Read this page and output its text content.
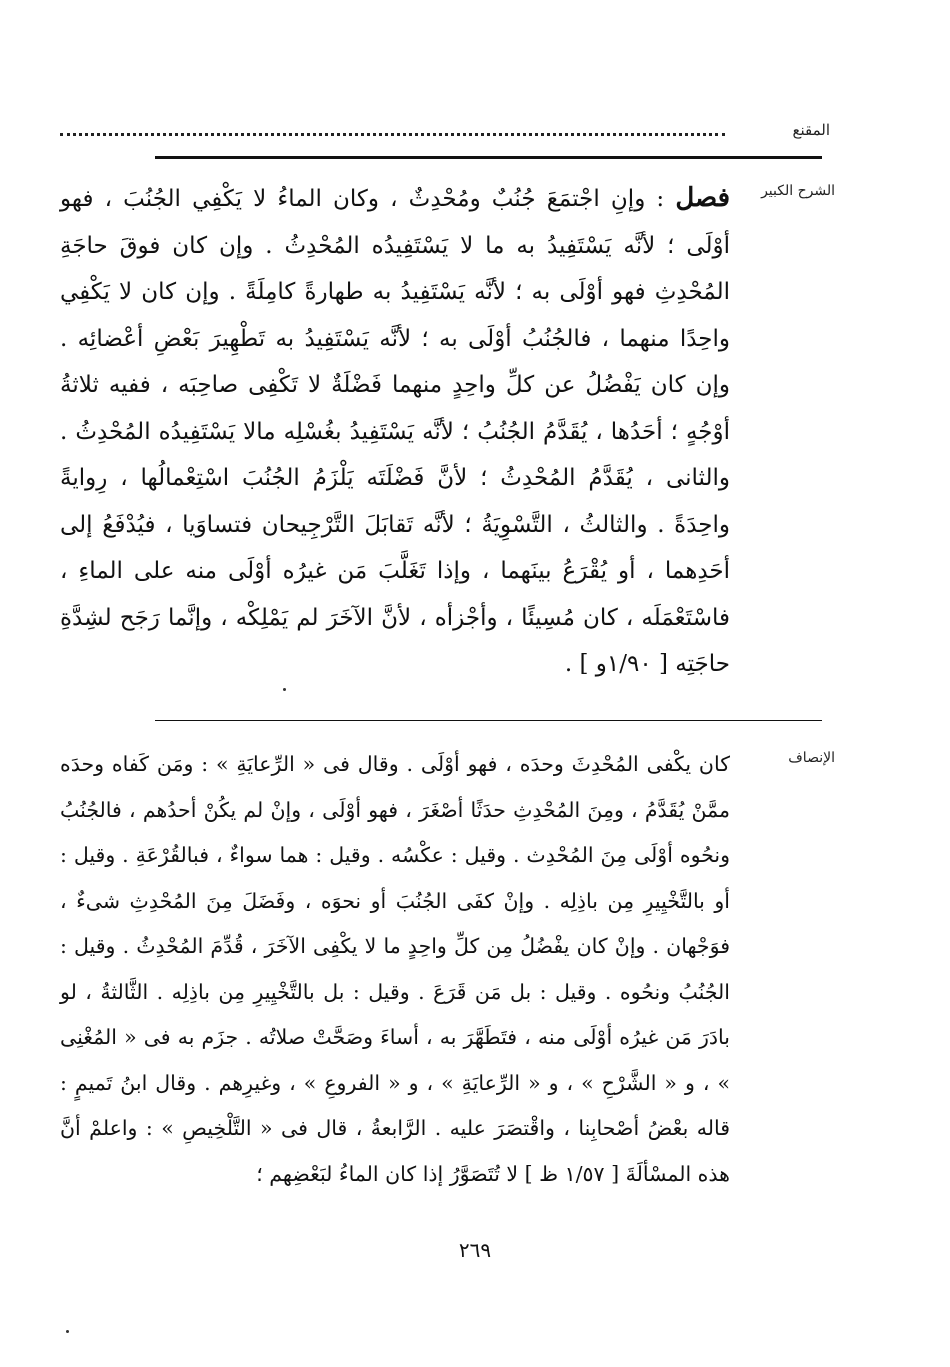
المقنع
الشرح الكبير
فصل : وإنِ اجْتمَعَ جُنُبٌ ومُحْدِثٌ ، وكان الماءُ لا يَكْفِي الجُنُبَ ، فهو أوْلَى ؛ لأنَّه يَسْتَفِيدُ به ما لا يَسْتَفِيدُه المُحْدِثُ . وإن كان فوقَ حاجَةِ المُحْدِثِ فهو أوْلَى به ؛ لأنَّه يَسْتَفِيدُ به طهارةً كامِلَةً . وإن كان لا يَكْفِي واحِدًا منهما ، فالجُنُبُ أوْلَى به ؛ لأنَّه يَسْتَفِيدُ به تَطْهِيرَ بَعْضِ أعْضائِه . وإن كان يَفْضُلُ عن كلِّ واحِدٍ منهما فَضْلَةٌ لا تَكْفِى صاحِبَه ، ففيه ثلاثةُ أوْجُهٍ ؛ أحَدُها ، يُقَدَّمُ الجُنُبُ ؛ لأنَّه يَسْتَفِيدُ بغُسْلِه مالا يَسْتَفِيدُه المُحْدِثُ . والثانى ، يُقَدَّمُ المُحْدِثُ ؛ لأنَّ فَضْلَتَه يَلْزَمُ الجُنُبَ اسْتِعْمالُها ، رِوايةً واحِدَةً . والثالثُ ، التَّسْوِيَةُ ؛ لأنَّه تَقابَلَ التَّرْجِيحان فتساوَيا ، فيُدْفَعُ إلى أحَدِهما ، أو يُقْرَعُ بينَهما ، وإذا تَغَلَّبَ مَن غيرُه أوْلَى منه على الماءِ ، فاسْتَعْمَلَه ، كان مُسِيئًا ، وأجْزأه ، لأنَّ الآخَرَ لم يَمْلِكْه ، وإنَّما رَجَح لشِدَّةِ حاجَتِه [ ١/٩٠و ] .
الإنصاف
كان يكْفى المُحْدِثَ وحدَه ، فهو أوْلَى . وقال فى « الرِّعايَةِ » : ومَن كَفاه وحدَه ممَّنْ يُقَدَّمُ ، ومِنَ المُحْدِثِ حدَثًا أصْغَرَ ، فهو أوْلَى ، وإنْ لم يكُنْ أحدُهم ، فالجُنُبُ ونحُوه أوْلَى مِنَ المُحْدِث . وقيل : عكْسُه . وقيل : هما سواءٌ ، فبالقُرْعَةِ . وقيل : أو بالتَّخْيِيرِ مِن باذِلِه . وإنْ كفَى الجُنُبَ أو نحوَه ، وفَضَلَ مِنَ المُحْدِثِ شىءٌ ، فوَجْهان . وإنْ كان يفْضُلُ مِن كلِّ واحِدٍ ما لا يكْفِى الآخَرَ ، قُدِّمَ المُحْدِثُ . وقيل : الجُنُبُ ونحُوه . وقيل : بل مَن قَرَعَ . وقيل : بل بالتَّخْيِيرِ مِن باذِلِه . الثَّالثةُ ، لو بادَرَ مَن غيرُه أوْلَى منه ، فتَطَهَّرَ به ، أساءَ وصَحَّتْ صلاتُه . جزَم به فى « المُغْنِى » ، و « الشَّرْحِ » ، و « الرِّعايَةِ » ، و « الفروعِ » ، وغيرِهم . وقال ابنُ تَميمٍ : قاله بعْضُ أصْحابِنا ، واقْتصَرَ عليه . الرَّابعةُ ، قال فى « التَّلْخِيصِ » : واعلمْ أنَّ هذه المسْألَةَ [ ١/٥٧ ظ ] لا تُتَصَوَّرُ إذا كان الماءُ لبَعْضِهم ؛
٢٦٩
